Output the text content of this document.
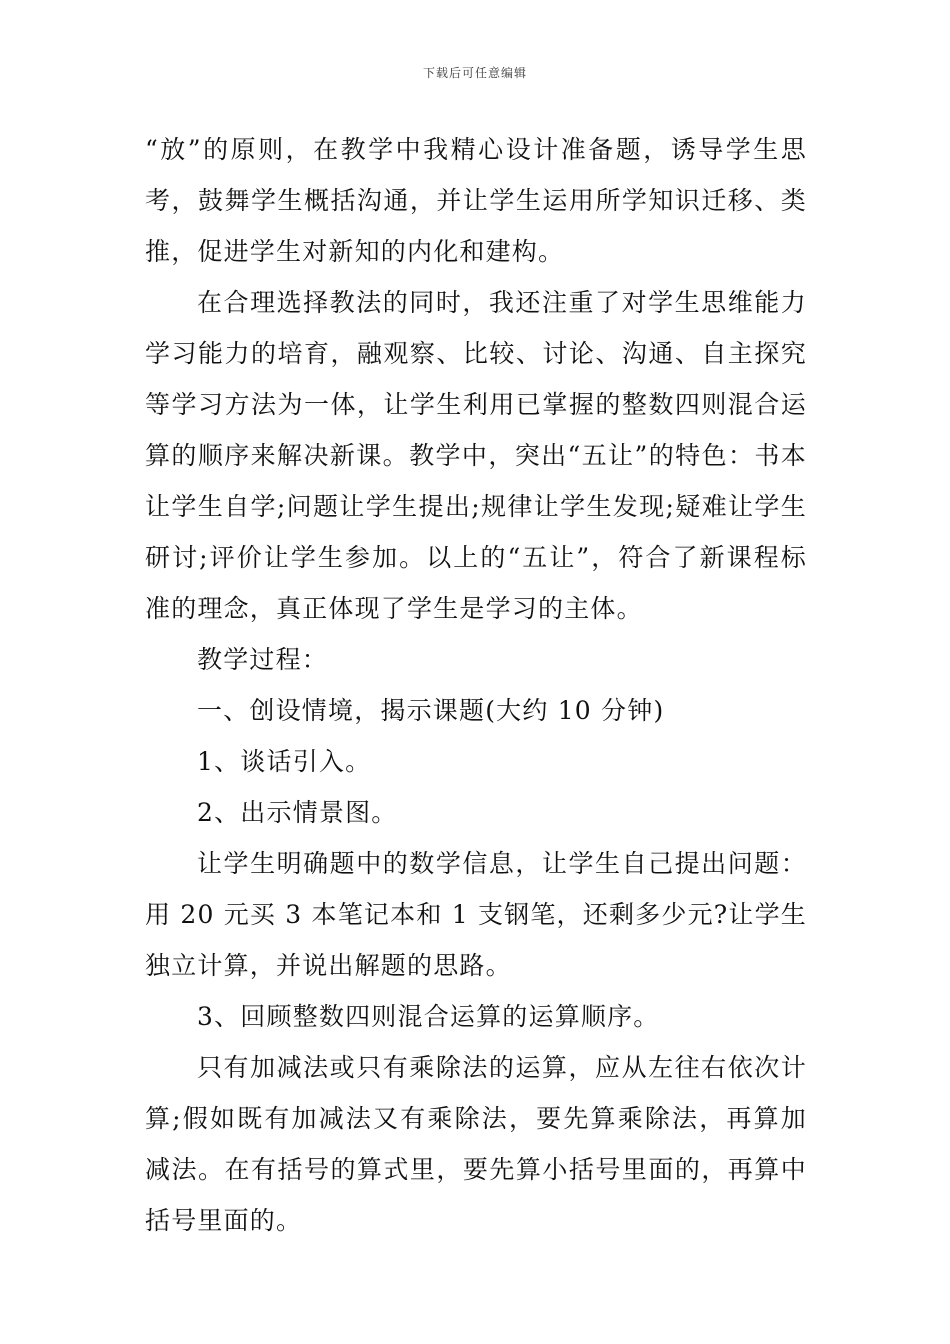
下载后可任意编辑

“放”的原则，在教学中我精心设计准备题，诱导学生思考，鼓舞学生概括沟通，并让学生运用所学知识迁移、类推，促进学生对新知的内化和建构。

在合理选择教法的同时，我还注重了对学生思维能力学习能力的培育，融观察、比较、讨论、沟通、自主探究等学习方法为一体，让学生利用已掌握的整数四则混合运算的顺序来解决新课。教学中，突出“五让”的特色：书本让学生自学;问题让学生提出;规律让学生发现;疑难让学生研讨;评价让学生参加。以上的“五让”，符合了新课程标准的理念，真正体现了学生是学习的主体。

教学过程：

一、创设情境，揭示课题(大约 10 分钟)

1、谈话引入。

2、出示情景图。

让学生明确题中的数学信息，让学生自己提出问题：用 20 元买 3 本笔记本和 1 支钢笔，还剩多少元?让学生独立计算，并说出解题的思路。

3、回顾整数四则混合运算的运算顺序。

只有加减法或只有乘除法的运算，应从左往右依次计算;假如既有加减法又有乘除法，要先算乘除法，再算加减法。在有括号的算式里，要先算小括号里面的，再算中括号里面的。
